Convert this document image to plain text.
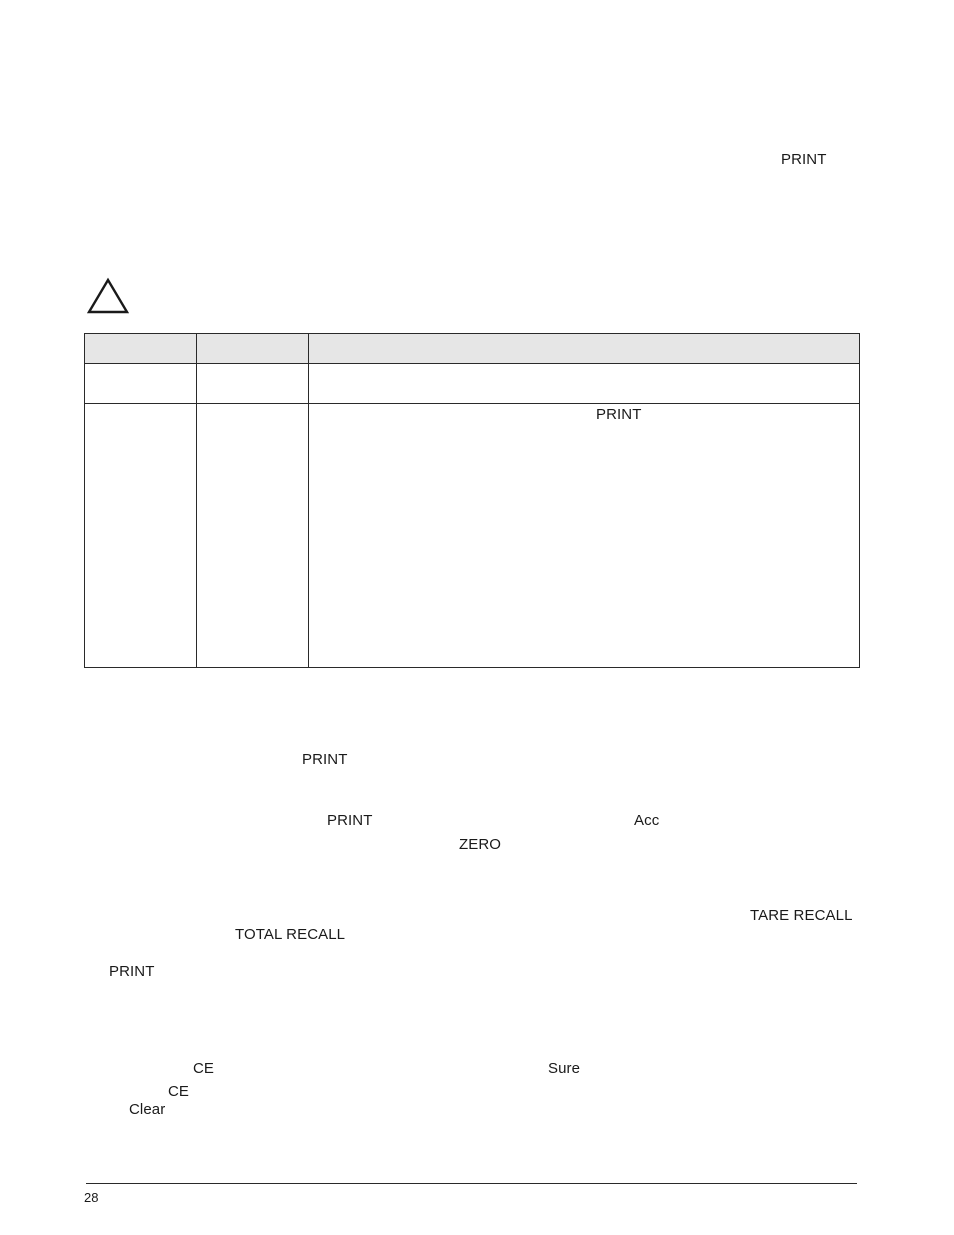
PRINT

		PRINT
PRINT
PRINT	Acc
ZERO
TARE RECALL
TOTAL RECALL
PRINT
CE	Sure
CE
Clear
28
